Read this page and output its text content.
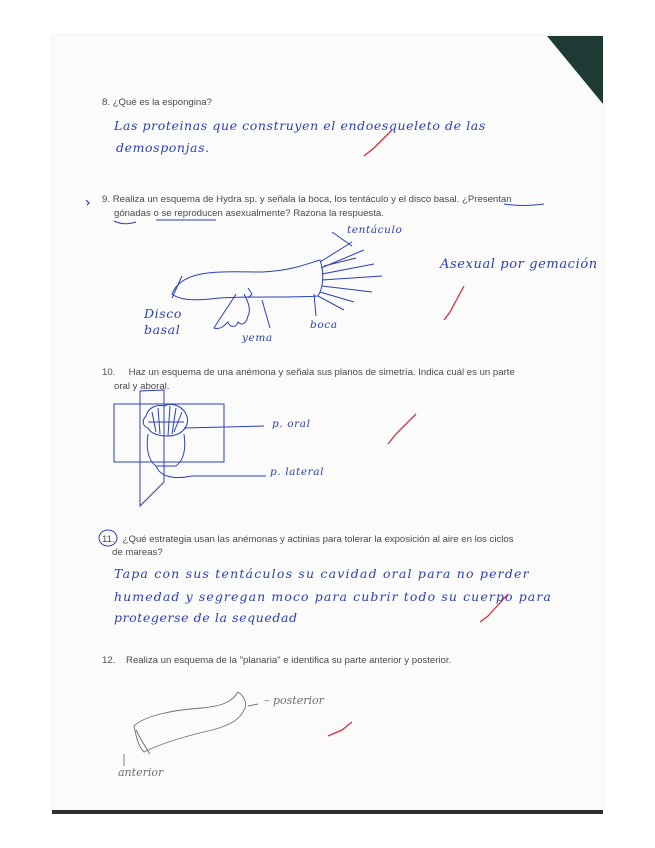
8. ¿Qué es la espongina?
Las proteinas que construyen el endoesqueleto de las
demosponjas.
9. Realiza un esquema de Hydra sp. y señala la boca, los tentáculo y el disco basal. ¿Presentan
gónadas o se reproducen asexualmente? Razona la respuesta.
tentáculo
Disco
basal
yema
boca
Asexual por gemación
10. Haz un esquema de una anémona y señala sus planos de simetría. Indica cuál es un parte
oral y aboral.
p. oral
p. lateral
11. ¿Qué estrategia usan las anémonas y actinias para tolerar la exposición al aire en los ciclos
de mareas?
Tapa con sus tentáculos su cavidad oral para no perder
humedad y segregan moco para cubrir todo su cuerpo para
protegerse de la sequedad
12. Realiza un esquema de la "planaria" e identifica su parte anterior y posterior.
– posterior
anterior
